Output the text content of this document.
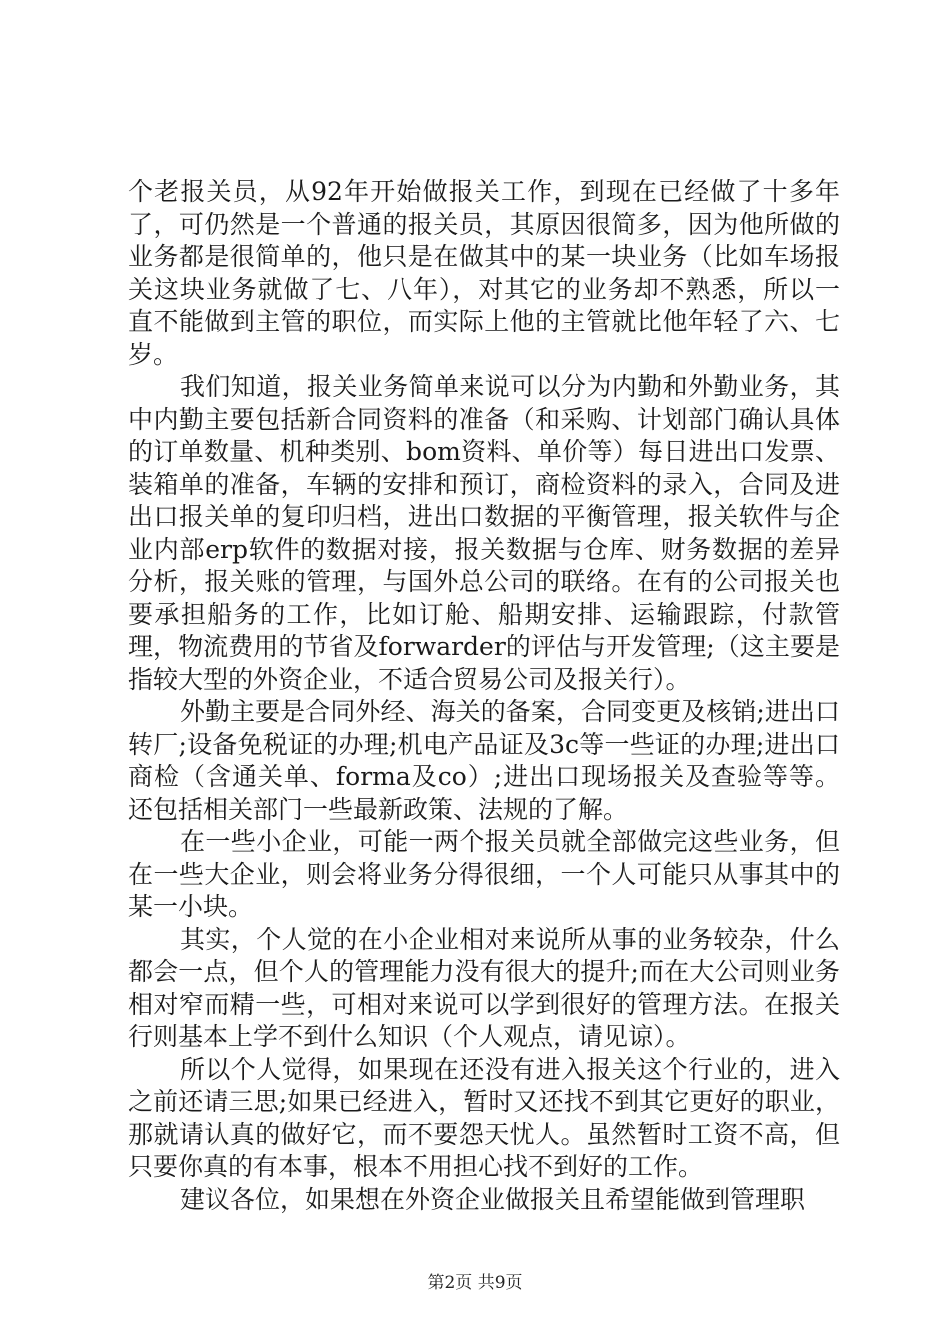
个老报关员，从92年开始做报关工作，到现在已经做了十多年了，可仍然是一个普通的报关员，其原因很简多，因为他所做的业务都是很简单的，他只是在做其中的某一块业务（比如车场报关这块业务就做了七、八年），对其它的业务却不熟悉，所以一直不能做到主管的职位，而实际上他的主管就比他年轻了六、七岁。

我们知道，报关业务简单来说可以分为内勤和外勤业务，其中内勤主要包括新合同资料的准备（和采购、计划部门确认具体的订单数量、机种类别、bom资料、单价等）每日进出口发票、装箱单的准备，车辆的安排和预订，商检资料的录入，合同及进出口报关单的复印归档，进出口数据的平衡管理，报关软件与企业内部erp软件的数据对接，报关数据与仓库、财务数据的差异分析，报关账的管理，与国外总公司的联络。在有的公司报关也要承担船务的工作，比如订舱、船期安排、运输跟踪，付款管理，物流费用的节省及forwarder的评估与开发管理;（这主要是指较大型的外资企业，不适合贸易公司及报关行）。

外勤主要是合同外经、海关的备案，合同变更及核销;进出口转厂;设备免税证的办理;机电产品证及3c等一些证的办理;进出口商检（含通关单、forma及co）;进出口现场报关及查验等等。还包括相关部门一些最新政策、法规的了解。

在一些小企业，可能一两个报关员就全部做完这些业务，但在一些大企业，则会将业务分得很细，一个人可能只从事其中的某一小块。

其实，个人觉的在小企业相对来说所从事的业务较杂，什么都会一点，但个人的管理能力没有很大的提升;而在大公司则业务相对窄而精一些，可相对来说可以学到很好的管理方法。在报关行则基本上学不到什么知识（个人观点，请见谅）。

所以个人觉得，如果现在还没有进入报关这个行业的，进入之前还请三思;如果已经进入，暂时又还找不到其它更好的职业，那就请认真的做好它，而不要怨天忧人。虽然暂时工资不高，但只要你真的有本事，根本不用担心找不到好的工作。

建议各位，如果想在外资企业做报关且希望能做到管理职

第2页 共9页
